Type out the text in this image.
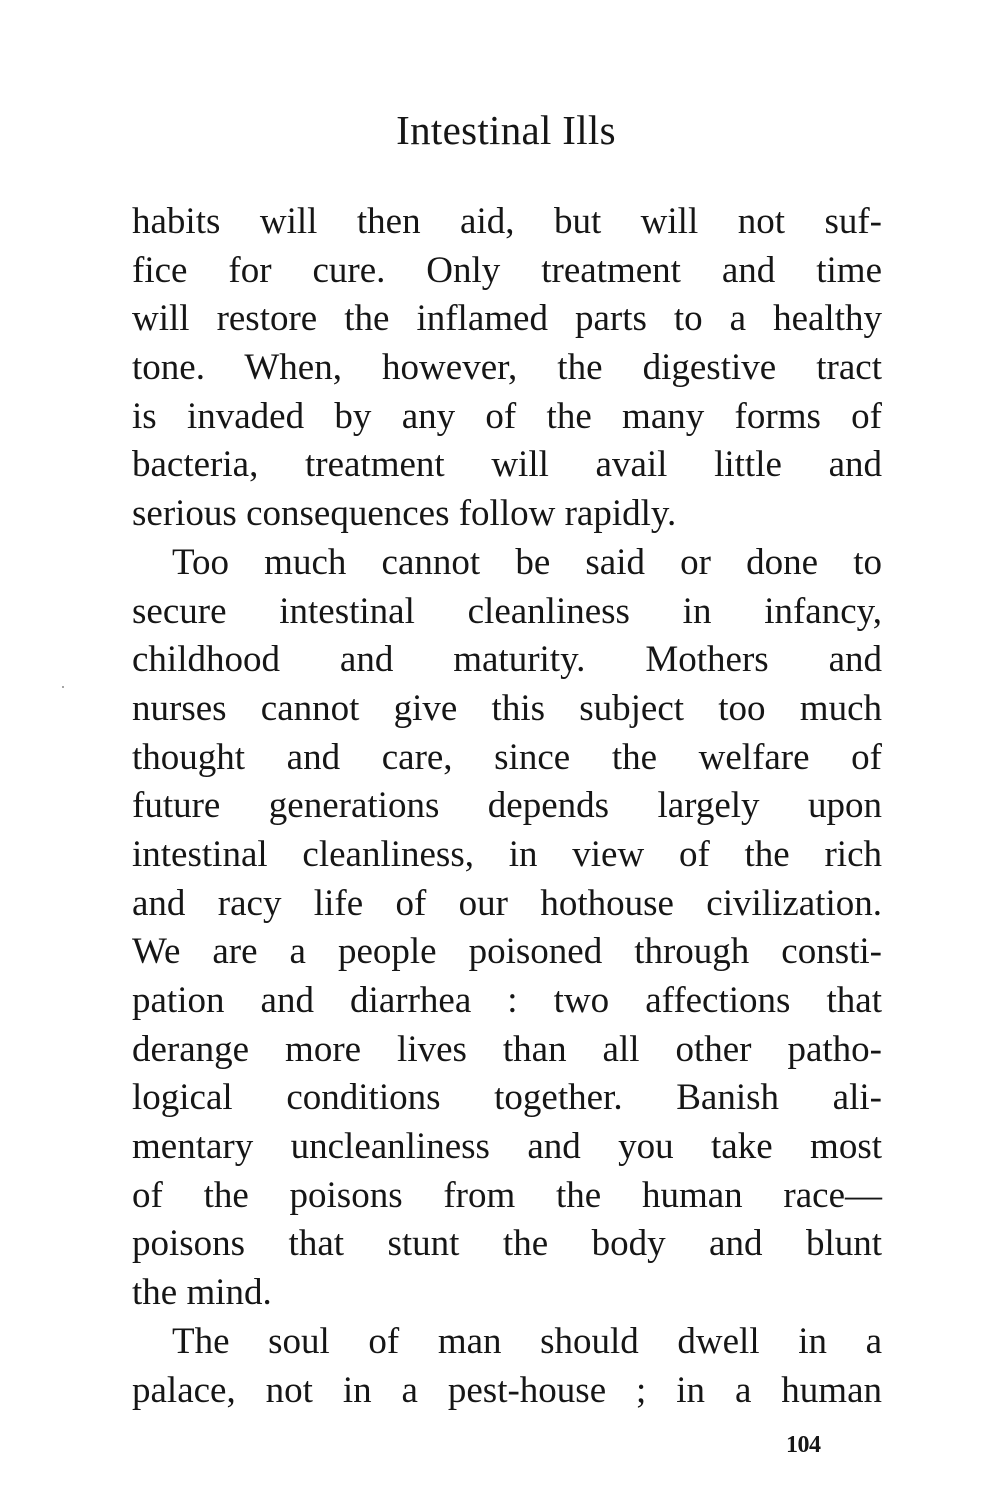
Intestinal Ills
habits will then aid, but will not suf-
fice for cure. Only treatment and time
will restore the inflamed parts to a healthy
tone. When, however, the digestive tract
is invaded by any of the many forms of
bacteria, treatment will avail little and
serious consequences follow rapidly.
Too much cannot be said or done to
secure intestinal cleanliness in infancy,
childhood and maturity. Mothers and
nurses cannot give this subject too much
thought and care, since the welfare of
future generations depends largely upon
intestinal cleanliness, in view of the rich
and racy life of our hothouse civilization.
We are a people poisoned through consti-
pation and diarrhea : two affections that
derange more lives than all other patho-
logical conditions together. Banish ali-
mentary uncleanliness and you take most
of the poisons from the human race—
poisons that stunt the body and blunt
the mind.
The soul of man should dwell in a
palace, not in a pest-house ; in a human
104
